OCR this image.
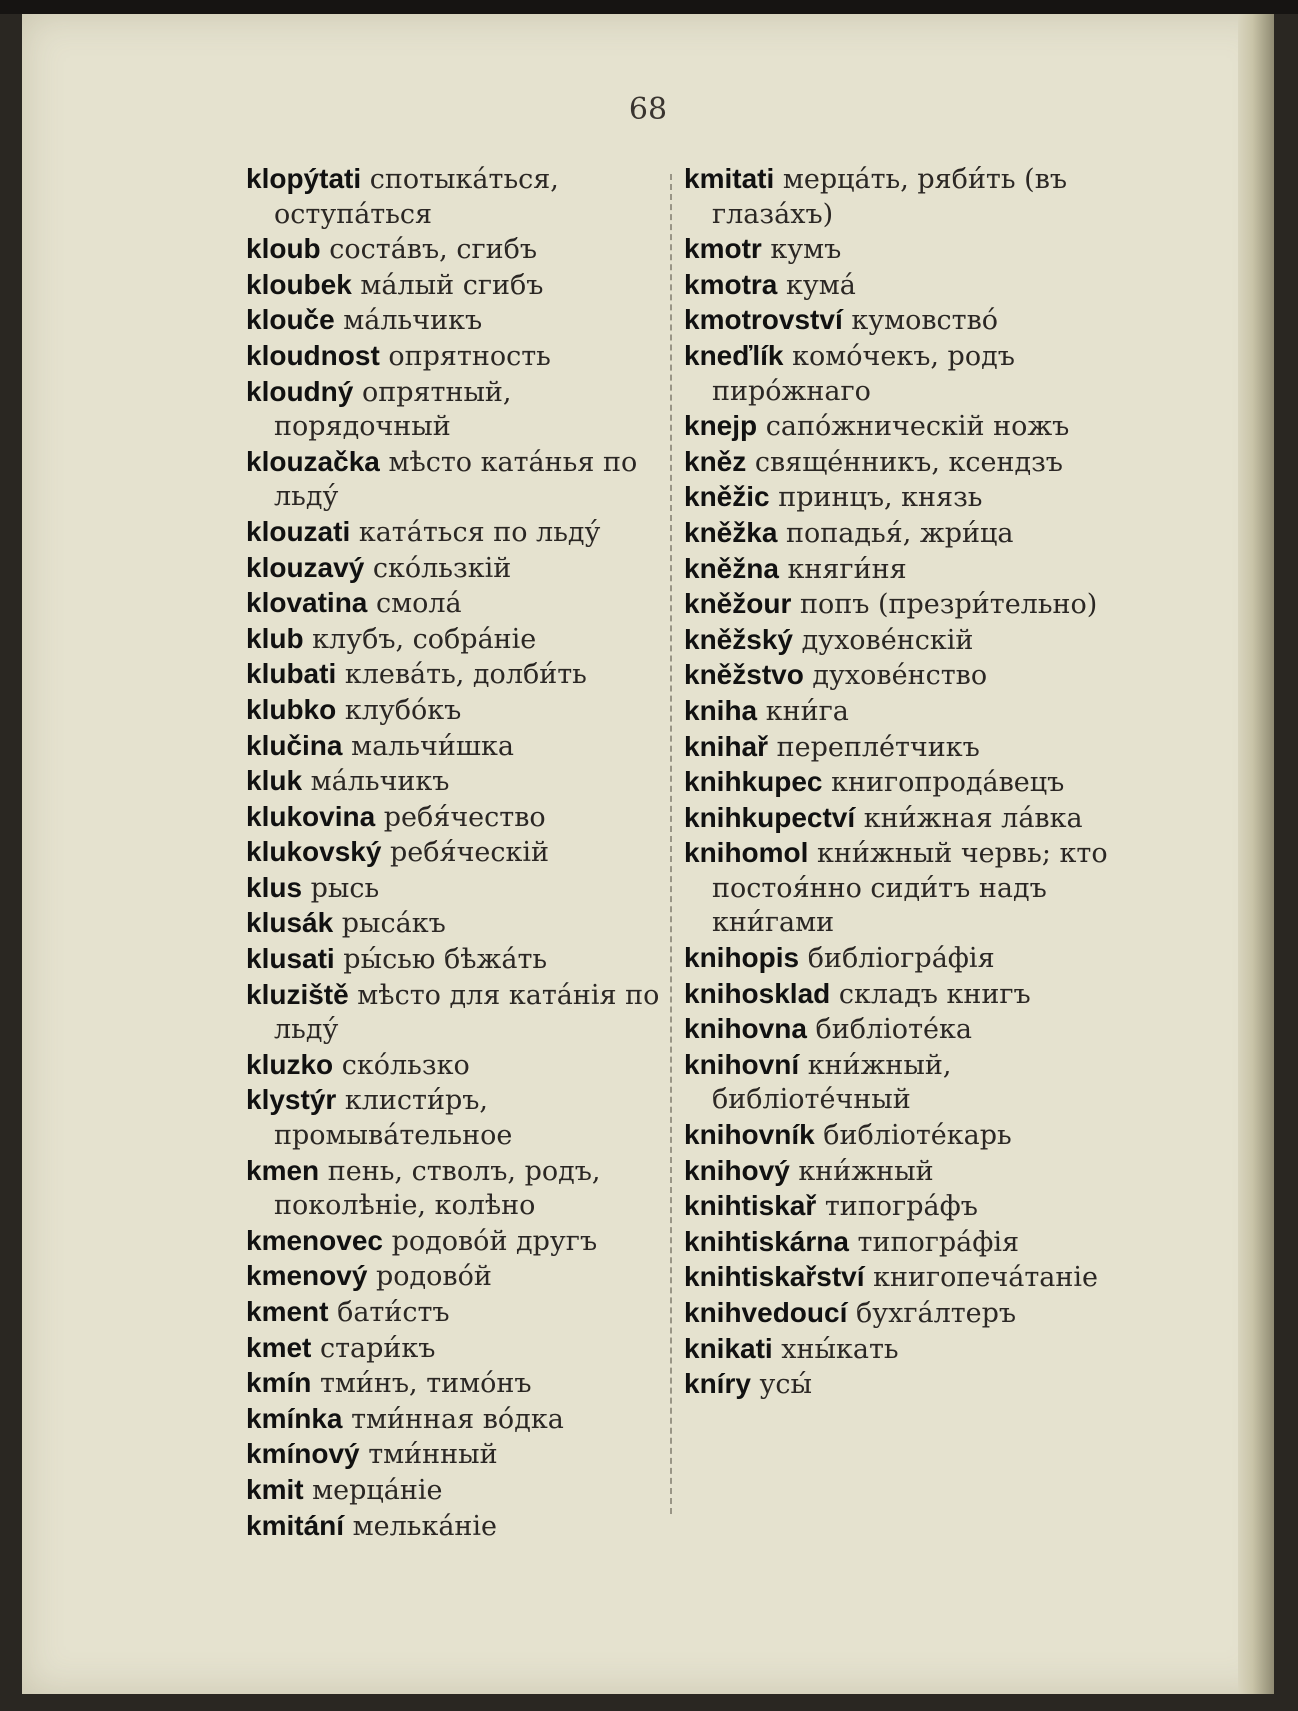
68
klopýtati спотыкáться, оступáться
kloub состáвъ, сгибъ
kloubek мáлый сгибъ
klouče мáльчикъ
kloudnost опрятность
kloudný опрятный, порядочный
klouzačka мѣсто катáнья по льду́
klouzati катáться по льду́
klouzavý скóльзкій
klovatina смолá
klub клубъ, собрáніе
klubati клевáть, долби́ть
klubko клубóкъ
klučina мальчи́шка
kluk мáльчикъ
klukovina ребя́чество
klukovský ребя́ческій
klus рысь
klusák рысáкъ
klusati ры́сью бѣжáть
kluziště мѣсто для катáнія по льду́
kluzko скóльзко
klystýr клисти́ръ, промывáтельное
kmen пень, стволъ, родъ, поколѣніе, колѣно
kmenovec родовóй другъ
kmenový родовóй
kment бати́стъ
kmet стари́къ
kmín тми́нъ, тимóнъ
kmínka тми́нная вóдка
kmínový тми́нный
kmit мерцáніе
kmitání мелькáніе
kmitati мерцáть, ряби́ть (въ глазáхъ)
kmotr кумъ
kmotra кумá
kmotrovství кумовствó
kneďlík комóчекъ, родъ пирóжнаго
knejp сапóжническій ножъ
kněz свящéнникъ, ксендзъ
kněžic принцъ, князь
kněžka попадья́, жри́ца
kněžna княги́ня
kněžour попъ (презри́тельно)
kněžský духовéнскій
kněžstvo духовéнство
kniha кни́га
knihař переплéтчикъ
knihkupec книгопродáвецъ
knihkupectví кни́жная лáвка
knihomol кни́жный червь; кто постоя́нно сиди́тъ надъ кни́гами
knihopis библіогрáфія
knihosklad складъ книгъ
knihovna библіотéка
knihovní кни́жный, библіотéчный
knihovník библіотéкарь
knihový кни́жный
knihtiskař типогрáфъ
knihtiskárna типогрáфія
knihtiskařství книгопечáтаніе
knihvedoucí бухгáлтеръ
knikati хны́кать
kníry усы́
